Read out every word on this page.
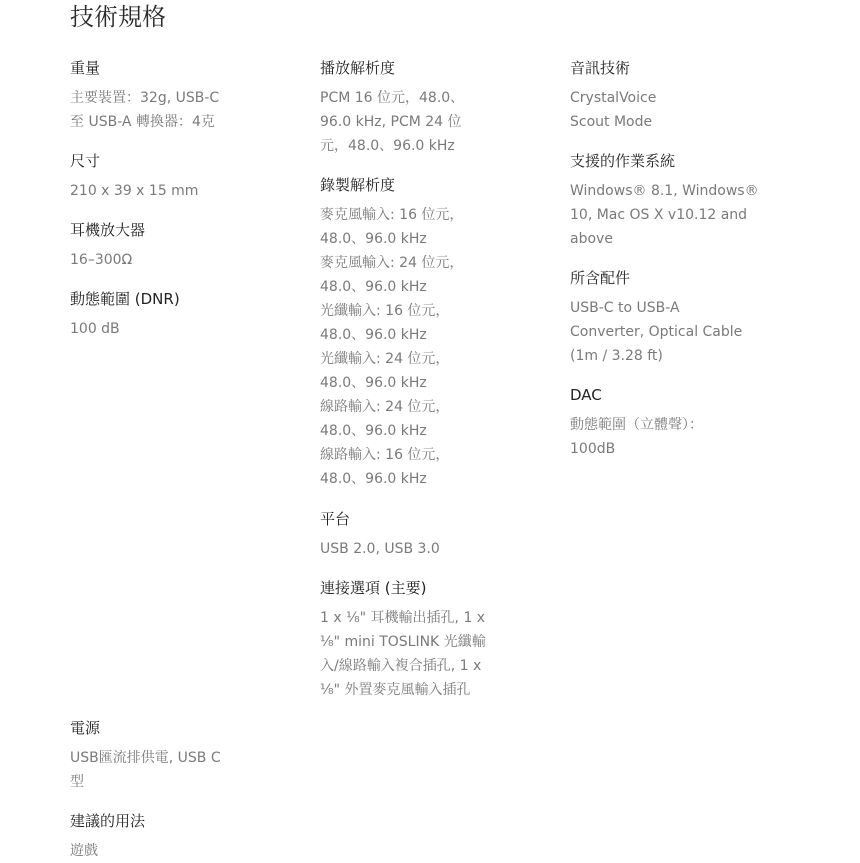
技術規格
重量
主要裝置：32g, USB-C
至 USB-A 轉換器：4克
尺寸
210 x 39 x 15 mm
耳機放大器
16–300Ω
動態範圍 (DNR)
100 dB
電源
USB匯流排供電, USB C
型
建議的用法
遊戲
播放解析度
PCM 16 位元，48.0、
96.0 kHz, PCM 24 位
元，48.0、96.0 kHz
錄製解析度
麥克風輸入: 16 位元，
48.0、96.0 kHz
麥克風輸入: 24 位元，
48.0、96.0 kHz
光纖輸入: 16 位元，
48.0、96.0 kHz
光纖輸入: 24 位元，
48.0、96.0 kHz
線路輸入: 24 位元，
48.0、96.0 kHz
線路輸入: 16 位元，
48.0、96.0 kHz
平台
USB 2.0, USB 3.0
連接選項 (主要)
1 x ⅛" 耳機輸出插孔, 1 x
⅛" mini TOSLINK 光纖輸
入/線路輸入複合插孔, 1 x
⅛" 外置麥克風輸入插孔
音訊技術
CrystalVoice
Scout Mode
支援的作業系統
Windows® 8.1, Windows®
10, Mac OS X v10.12 and
above
所含配件
USB-C to USB-A
Converter, Optical Cable
(1m / 3.28 ft)
DAC
動態範圍（立體聲）：
100dB
